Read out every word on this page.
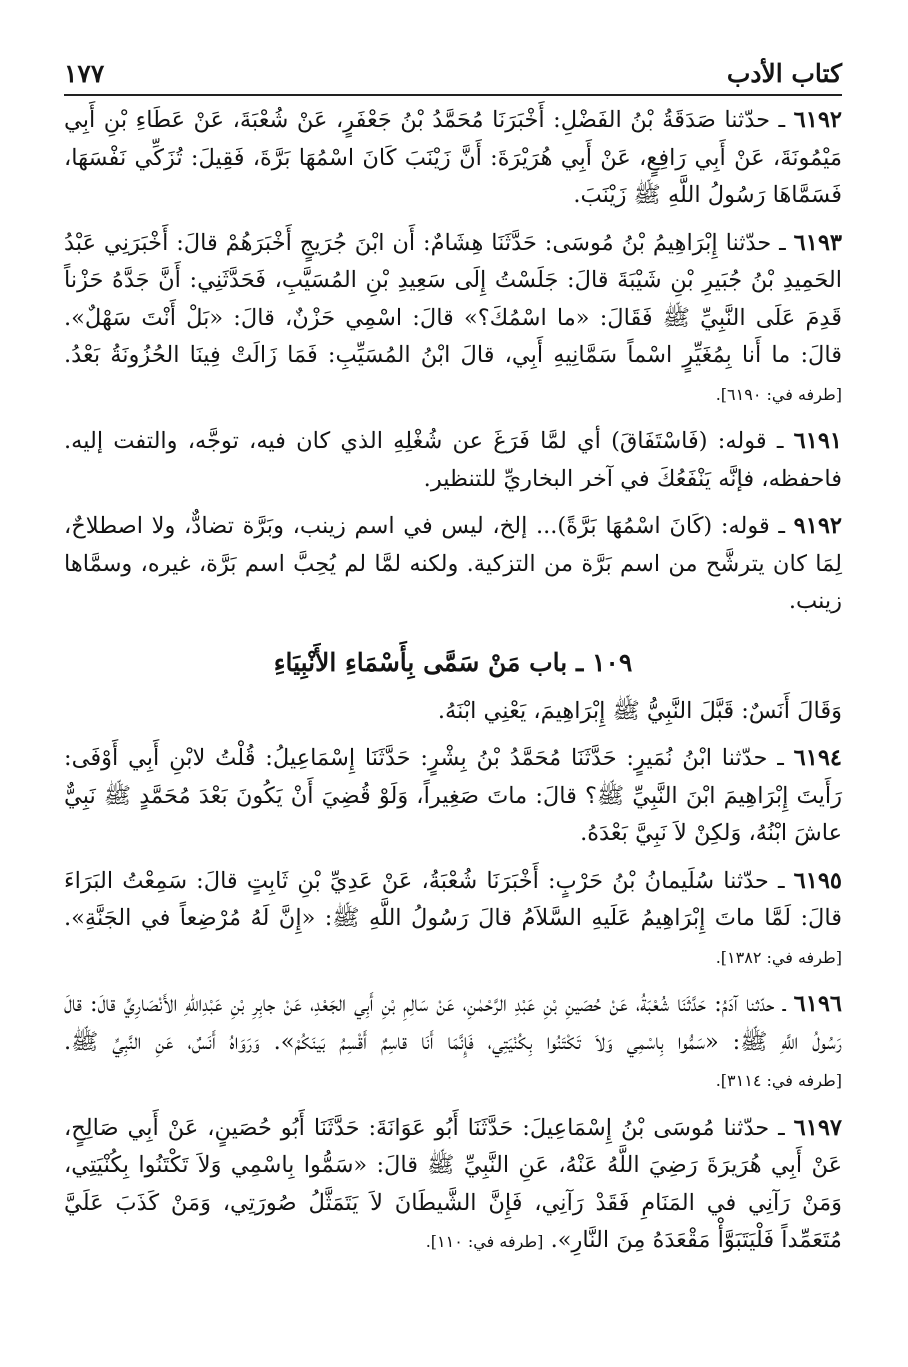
كتاب الأدب
١٧٧

٦١٩٢ ـ حدّثنا صَدَقَةُ بْنُ الفَضْلِ: أَخْبَرَنَا مُحَمَّدُ بْنُ جَعْفَرٍ، عَنْ شُعْبَةَ، عَنْ عَطَاءِ بْنِ أَبِي مَيْمُونَةَ، عَنْ أَبِي رَافِعٍ، عَنْ أَبِي هُرَيْرَةَ: أَنَّ زَيْنَبَ كَانَ اسْمُهَا بَرَّةَ، فَقِيلَ: تُزَكِّي نَفْسَهَا، فَسَمَّاهَا رَسُولُ اللَّهِ ﷺ زَيْنَبَ.

٦١٩٣ ـ حدّثنا إِبْرَاهِيمُ بْنُ مُوسَى: حَدَّثَنَا هِشَامٌ: أَن ابْنَ جُرَيجٍ أَخْبَرَهُمْ قالَ: أَخْبَرَنِي عَبْدُ الحَمِيدِ بْنُ جُبَيرِ بْنِ شَيْبَةَ قالَ: جَلَسْتُ إِلَى سَعِيدِ بْنِ المُسَيَّبِ، فَحَدَّثَنِي: أَنَّ جَدَّهُ حَزْناً قَدِمَ عَلَى النَّبِيِّ ﷺ فَقَالَ: «ما اسْمُكَ؟» قالَ: اسْمِي حَزْنٌ، قالَ: «بَلْ أَنْتَ سَهْلٌ». قالَ: ما أَنا بِمُغَيِّرٍ اسْماً سَمَّانِيهِ أَبِي، قالَ ابْنُ المُسَيِّبِ: فَمَا زَالَتْ فِينَا الحُزُونَةُ بَعْدُ. [طرفه في: ٦١٩٠].

٦١٩١ ـ قوله: (فَاسْتَفَاقَ) أي لمَّا فَرَغَ عن شُغْلِهِ الذي كان فيه، توجَّه، والتفت إليه. فاحفظه، فإنَّه يَنْفَعُكَ في آخر البخاريِّ للتنظير.

٩١٩٢ ـ قوله: (كَانَ اسْمُهَا بَرَّةً)... إلخ، ليس في اسم زينب، وبَرَّة تضادٌّ، ولا اصطلاحٌ، لِمَا كان يترشَّح من اسم بَرَّة من التزكية. ولكنه لمَّا لم يُحِبَّ اسم بَرَّة، غيره، وسمَّاها زينب.

١٠٩ ـ باب مَنْ سَمَّى بِأَسْمَاءِ الأَنْبِيَاءِ

وَقَالَ أَنَسٌ: قَبَّلَ النَّبِيُّ ﷺ إِبْرَاهِيمَ، يَعْنِي ابْنَهُ.

٦١٩٤ ـ حدّثنا ابْنُ نُمَيرٍ: حَدَّثَنَا مُحَمَّدُ بْنُ بِشْرٍ: حَدَّثَنَا إِسْمَاعِيلُ: قُلْتُ لابْنِ أَبِي أَوْفَى: رَأَيتَ إِبْرَاهِيمَ ابْنَ النَّبِيِّ ﷺ؟ قالَ: ماتَ صَغِيراً، وَلَوْ قُضِيَ أَنْ يَكُونَ بَعْدَ مُحَمَّدٍ ﷺ نَبِيٌّ عاشَ ابْنُهُ، وَلكِنْ لاَ نَبِيَّ بَعْدَهُ.

٦١٩٥ ـ حدّثنا سُلَيمانُ بْنُ حَرْبٍ: أَخْبَرَنَا شُعْبَةُ، عَنْ عَدِيِّ بْنِ ثَابِتٍ قالَ: سَمِعْتُ البَرَاءَ قالَ: لَمَّا ماتَ إِبْرَاهِيمُ عَلَيهِ السَّلاَمُ قالَ رَسُولُ اللَّهِ ﷺ: «إِنَّ لَهُ مُرْضِعاً في الجَنَّةِ». [طرفه في: ١٣٨٢].

٦١٩٦ ـ حدّثنا آدَمُ: حَدَّثَنَا شُعْبَةُ، عَنْ حُصَينِ بْنِ عَبْدِ الرَّحْمٰنِ، عَنْ سَالِمِ بْنِ أَبِي الجَعْدِ، عَنْ جابِرِ بْنِ عَبْدِاللهِ الأَنْصَارِيِّ قالَ: قالَ رَسُولُ اللَّهِ ﷺ: «سَمُّوا بِاسْمِي وَلاَ تَكْتَنُوا بِكُنْيَتِي، فَإِنَّمَا أَنَا قاسِمٌ أَقْسِمُ بَينَكُمْ». وَرَوَاهُ أَنَسٌ، عَنِ النَّبِيِّ ﷺ. [طرفه في: ٣١١٤].

٦١٩٧ ـ حدّثنا مُوسَى بْنُ إِسْمَاعِيلَ: حَدَّثَنَا أَبُو عَوَانَةَ: حَدَّثَنَا أَبُو حُصَينٍ، عَنْ أَبِي صَالِحٍ، عَنْ أَبِي هُرَيرَةَ رَضِيَ اللَّهُ عَنْهُ، عَنِ النَّبِيِّ ﷺ قالَ: «سَمُّوا بِاسْمِي وَلاَ تَكْتَنُوا بِكُنْيَتِي، وَمَنْ رَآنِي في المَنَامِ فَقَدْ رَآنِي، فَإِنَّ الشَّيطَانَ لاَ يَتَمَثَّلُ صُورَتِي، وَمَنْ كَذَبَ عَلَيَّ مُتَعَمِّداً فَلْيَتَبَوَّأْ مَقْعَدَهُ مِنَ النَّارِ». [طرفه في: ١١٠].
